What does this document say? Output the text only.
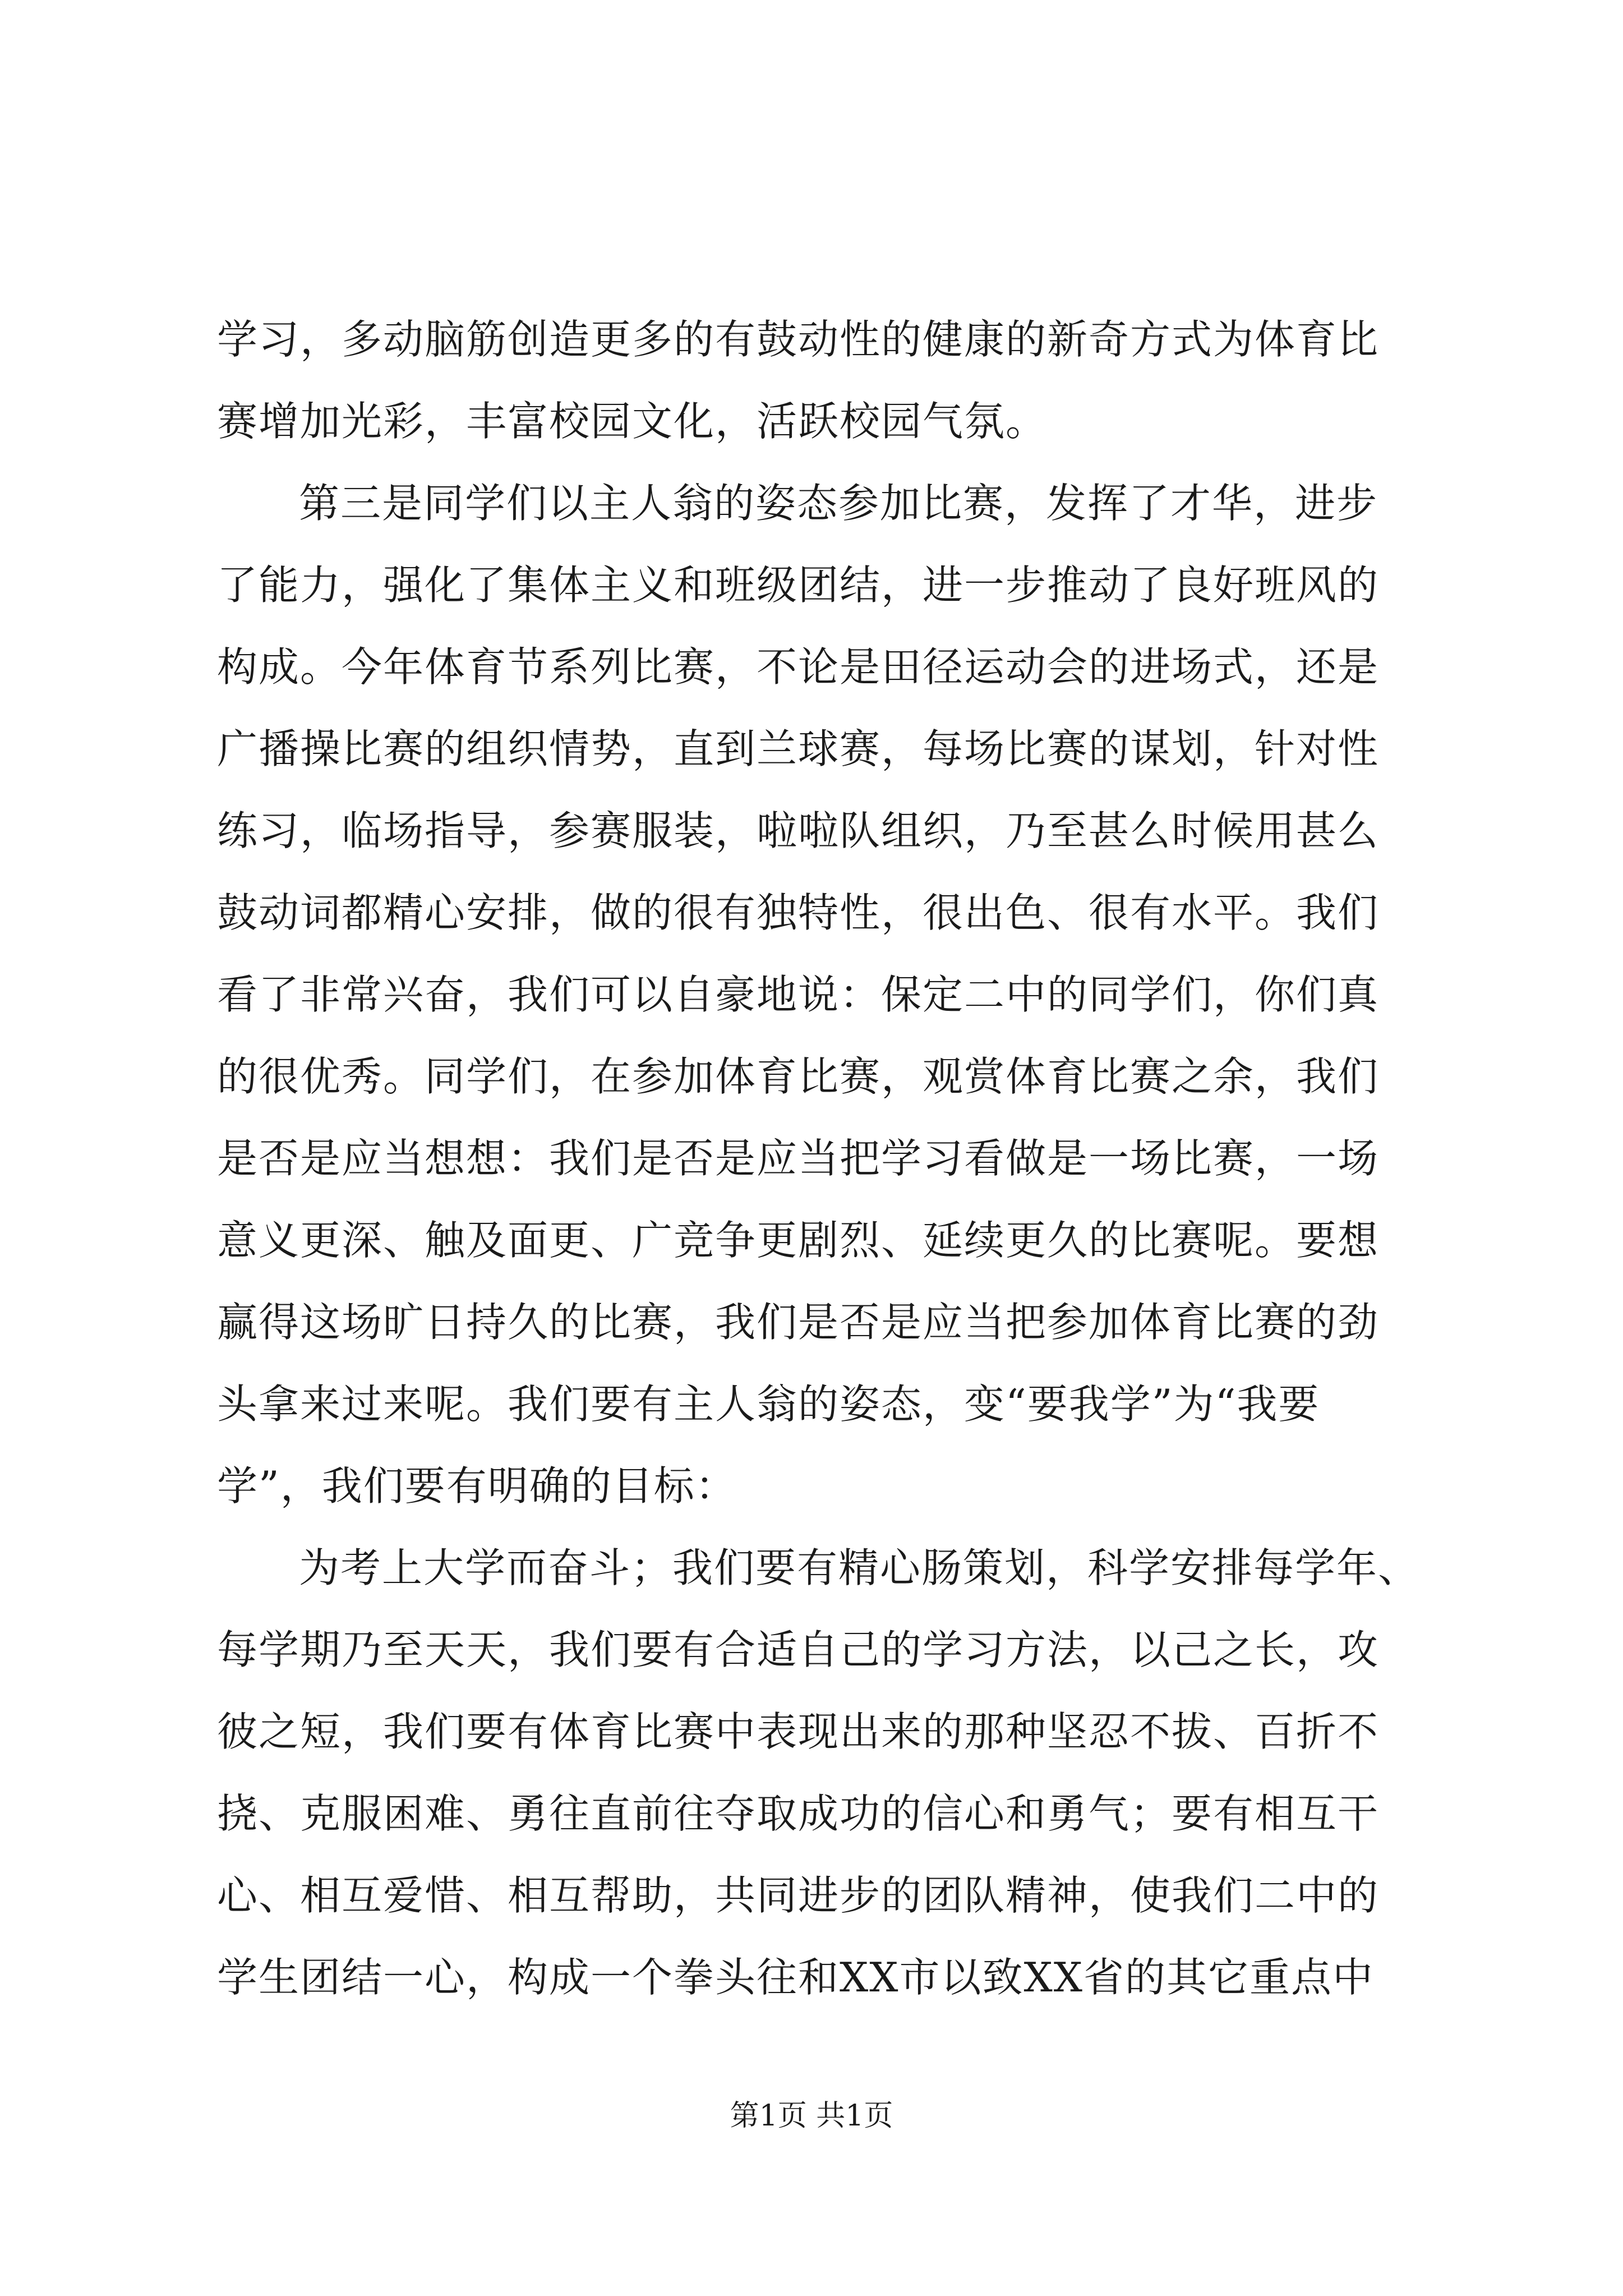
学习，多动脑筋创造更多的有鼓动性的健康的新奇方式为体育比
赛增加光彩，丰富校园文化，活跃校园气氛。
第三是同学们以主人翁的姿态参加比赛，发挥了才华，进步
了能力，强化了集体主义和班级团结，进一步推动了良好班风的
构成。今年体育节系列比赛，不论是田径运动会的进场式，还是
广播操比赛的组织情势，直到兰球赛，每场比赛的谋划，针对性
练习，临场指导，参赛服装，啦啦队组织，乃至甚么时候用甚么
鼓动词都精心安排，做的很有独特性，很出色、很有水平。我们
看了非常兴奋，我们可以自豪地说：保定二中的同学们，你们真
的很优秀。同学们，在参加体育比赛，观赏体育比赛之余，我们
是否是应当想想：我们是否是应当把学习看做是一场比赛，一场
意义更深、触及面更、广竞争更剧烈、延续更久的比赛呢。要想
赢得这场旷日持久的比赛，我们是否是应当把参加体育比赛的劲
头拿来过来呢。我们要有主人翁的姿态，变“要我学”为“我要
学”，我们要有明确的目标：
为考上大学而奋斗；我们要有精心肠策划，科学安排每学年、
每学期乃至天天，我们要有合适自己的学习方法，以己之长，攻
彼之短，我们要有体育比赛中表现出来的那种坚忍不拔、百折不
挠、克服困难、勇往直前往夺取成功的信心和勇气；要有相互干
心、相互爱惜、相互帮助，共同进步的团队精神，使我们二中的
学生团结一心，构成一个拳头往和XX市以致XX省的其它重点中
第1页 共1页
